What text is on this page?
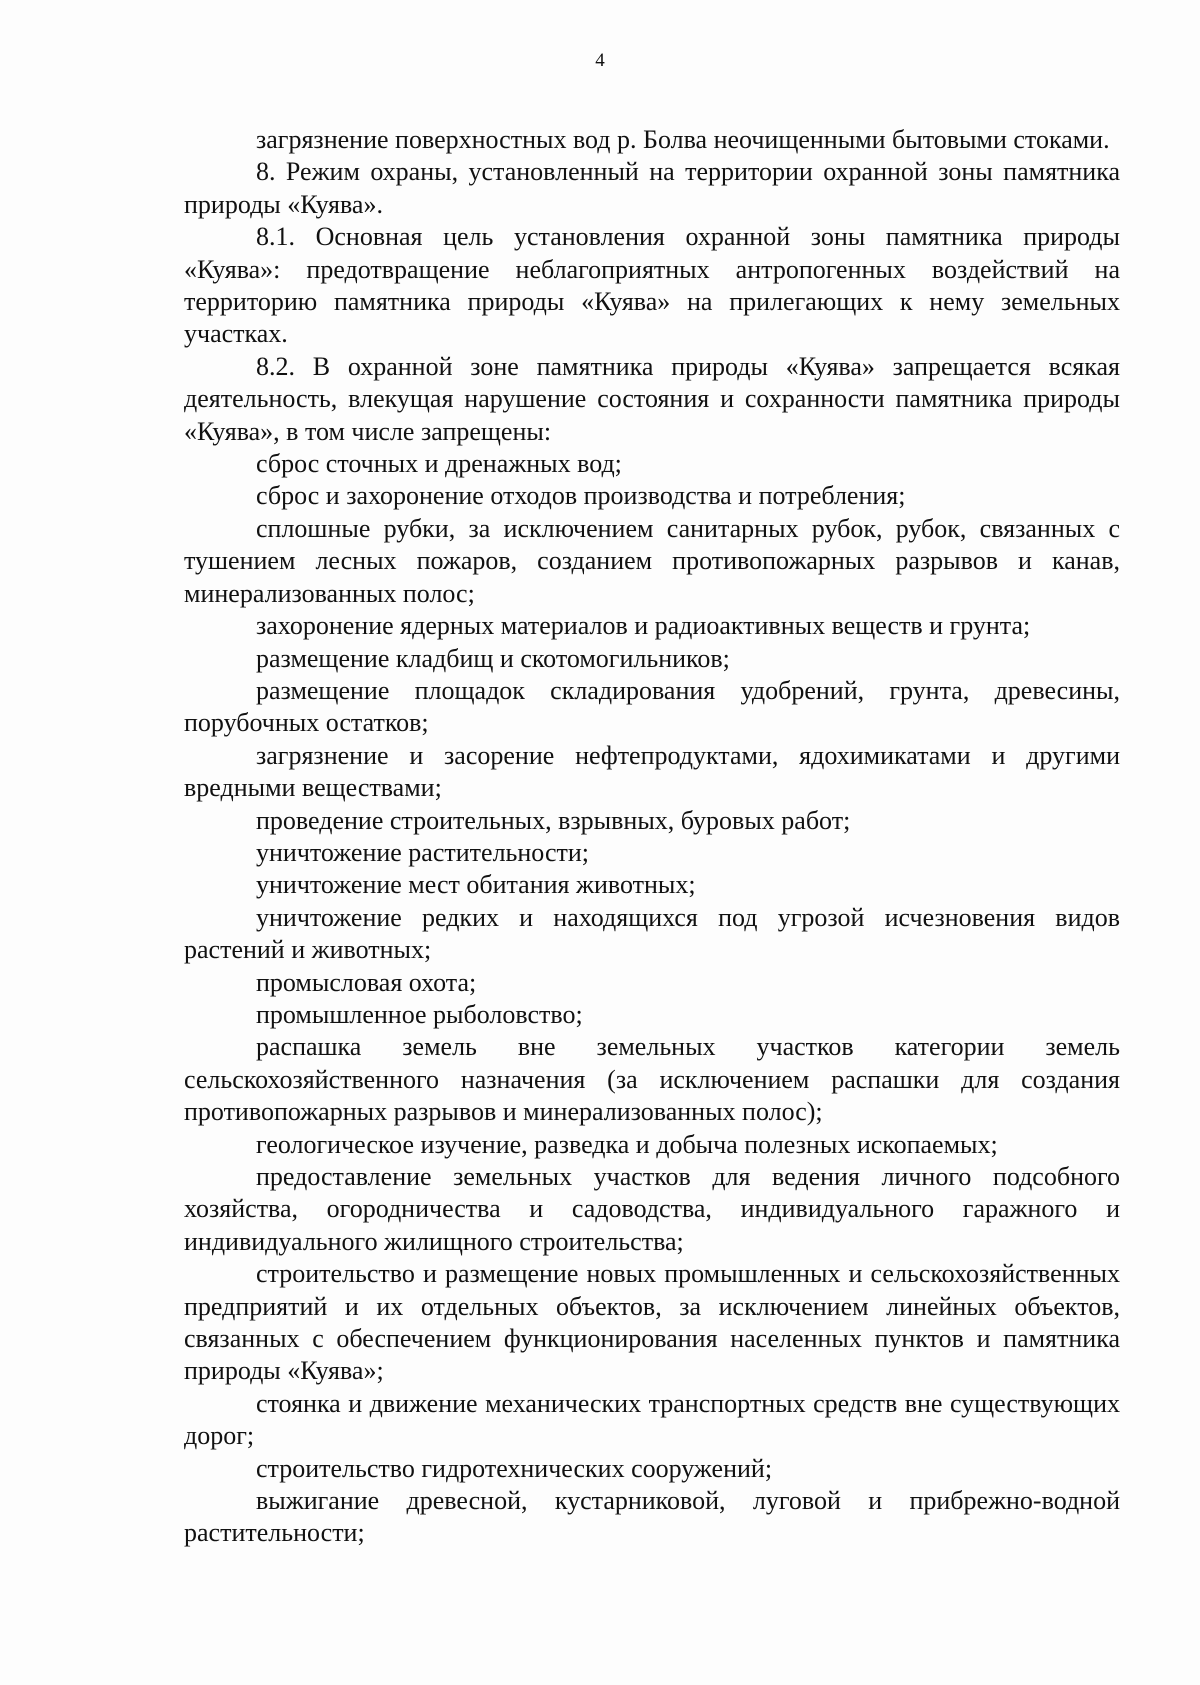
4

загрязнение поверхностных вод р. Болва неочищенными бытовыми стоками.

8. Режим охраны, установленный на территории охранной зоны памятника природы «Куява».

8.1. Основная цель установления охранной зоны памятника природы «Куява»: предотвращение неблагоприятных антропогенных воздействий на территорию памятника природы «Куява» на прилегающих к нему земельных участках.

8.2. В охранной зоне памятника природы «Куява» запрещается всякая деятельность, влекущая нарушение состояния и сохранности памятника природы «Куява», в том числе запрещены:

сброс сточных и дренажных вод;

сброс и захоронение отходов производства и потребления;

сплошные рубки, за исключением санитарных рубок, рубок, связанных с тушением лесных пожаров, созданием противопожарных разрывов и канав, минерализованных полос;

захоронение ядерных материалов и радиоактивных веществ и грунта;

размещение кладбищ и скотомогильников;

размещение площадок складирования удобрений, грунта, древесины, порубочных остатков;

загрязнение и засорение нефтепродуктами, ядохимикатами и другими вредными веществами;

проведение строительных, взрывных, буровых работ;

уничтожение растительности;

уничтожение мест обитания животных;

уничтожение редких и находящихся под угрозой исчезновения видов растений и животных;

промысловая охота;

промышленное рыболовство;

распашка земель вне земельных участков категории земель сельскохозяйственного назначения (за исключением распашки для создания противопожарных разрывов и минерализованных полос);

геологическое изучение, разведка и добыча полезных ископаемых;

предоставление земельных участков для ведения личного подсобного хозяйства, огородничества и садоводства, индивидуального гаражного и индивидуального жилищного строительства;

строительство и размещение новых промышленных и сельскохозяйственных предприятий и их отдельных объектов, за исключением линейных объектов, связанных с обеспечением функционирования населенных пунктов и памятника природы «Куява»;

стоянка и движение механических транспортных средств вне существующих дорог;

строительство гидротехнических сооружений;

выжигание древесной, кустарниковой, луговой и прибрежно-водной растительности;
